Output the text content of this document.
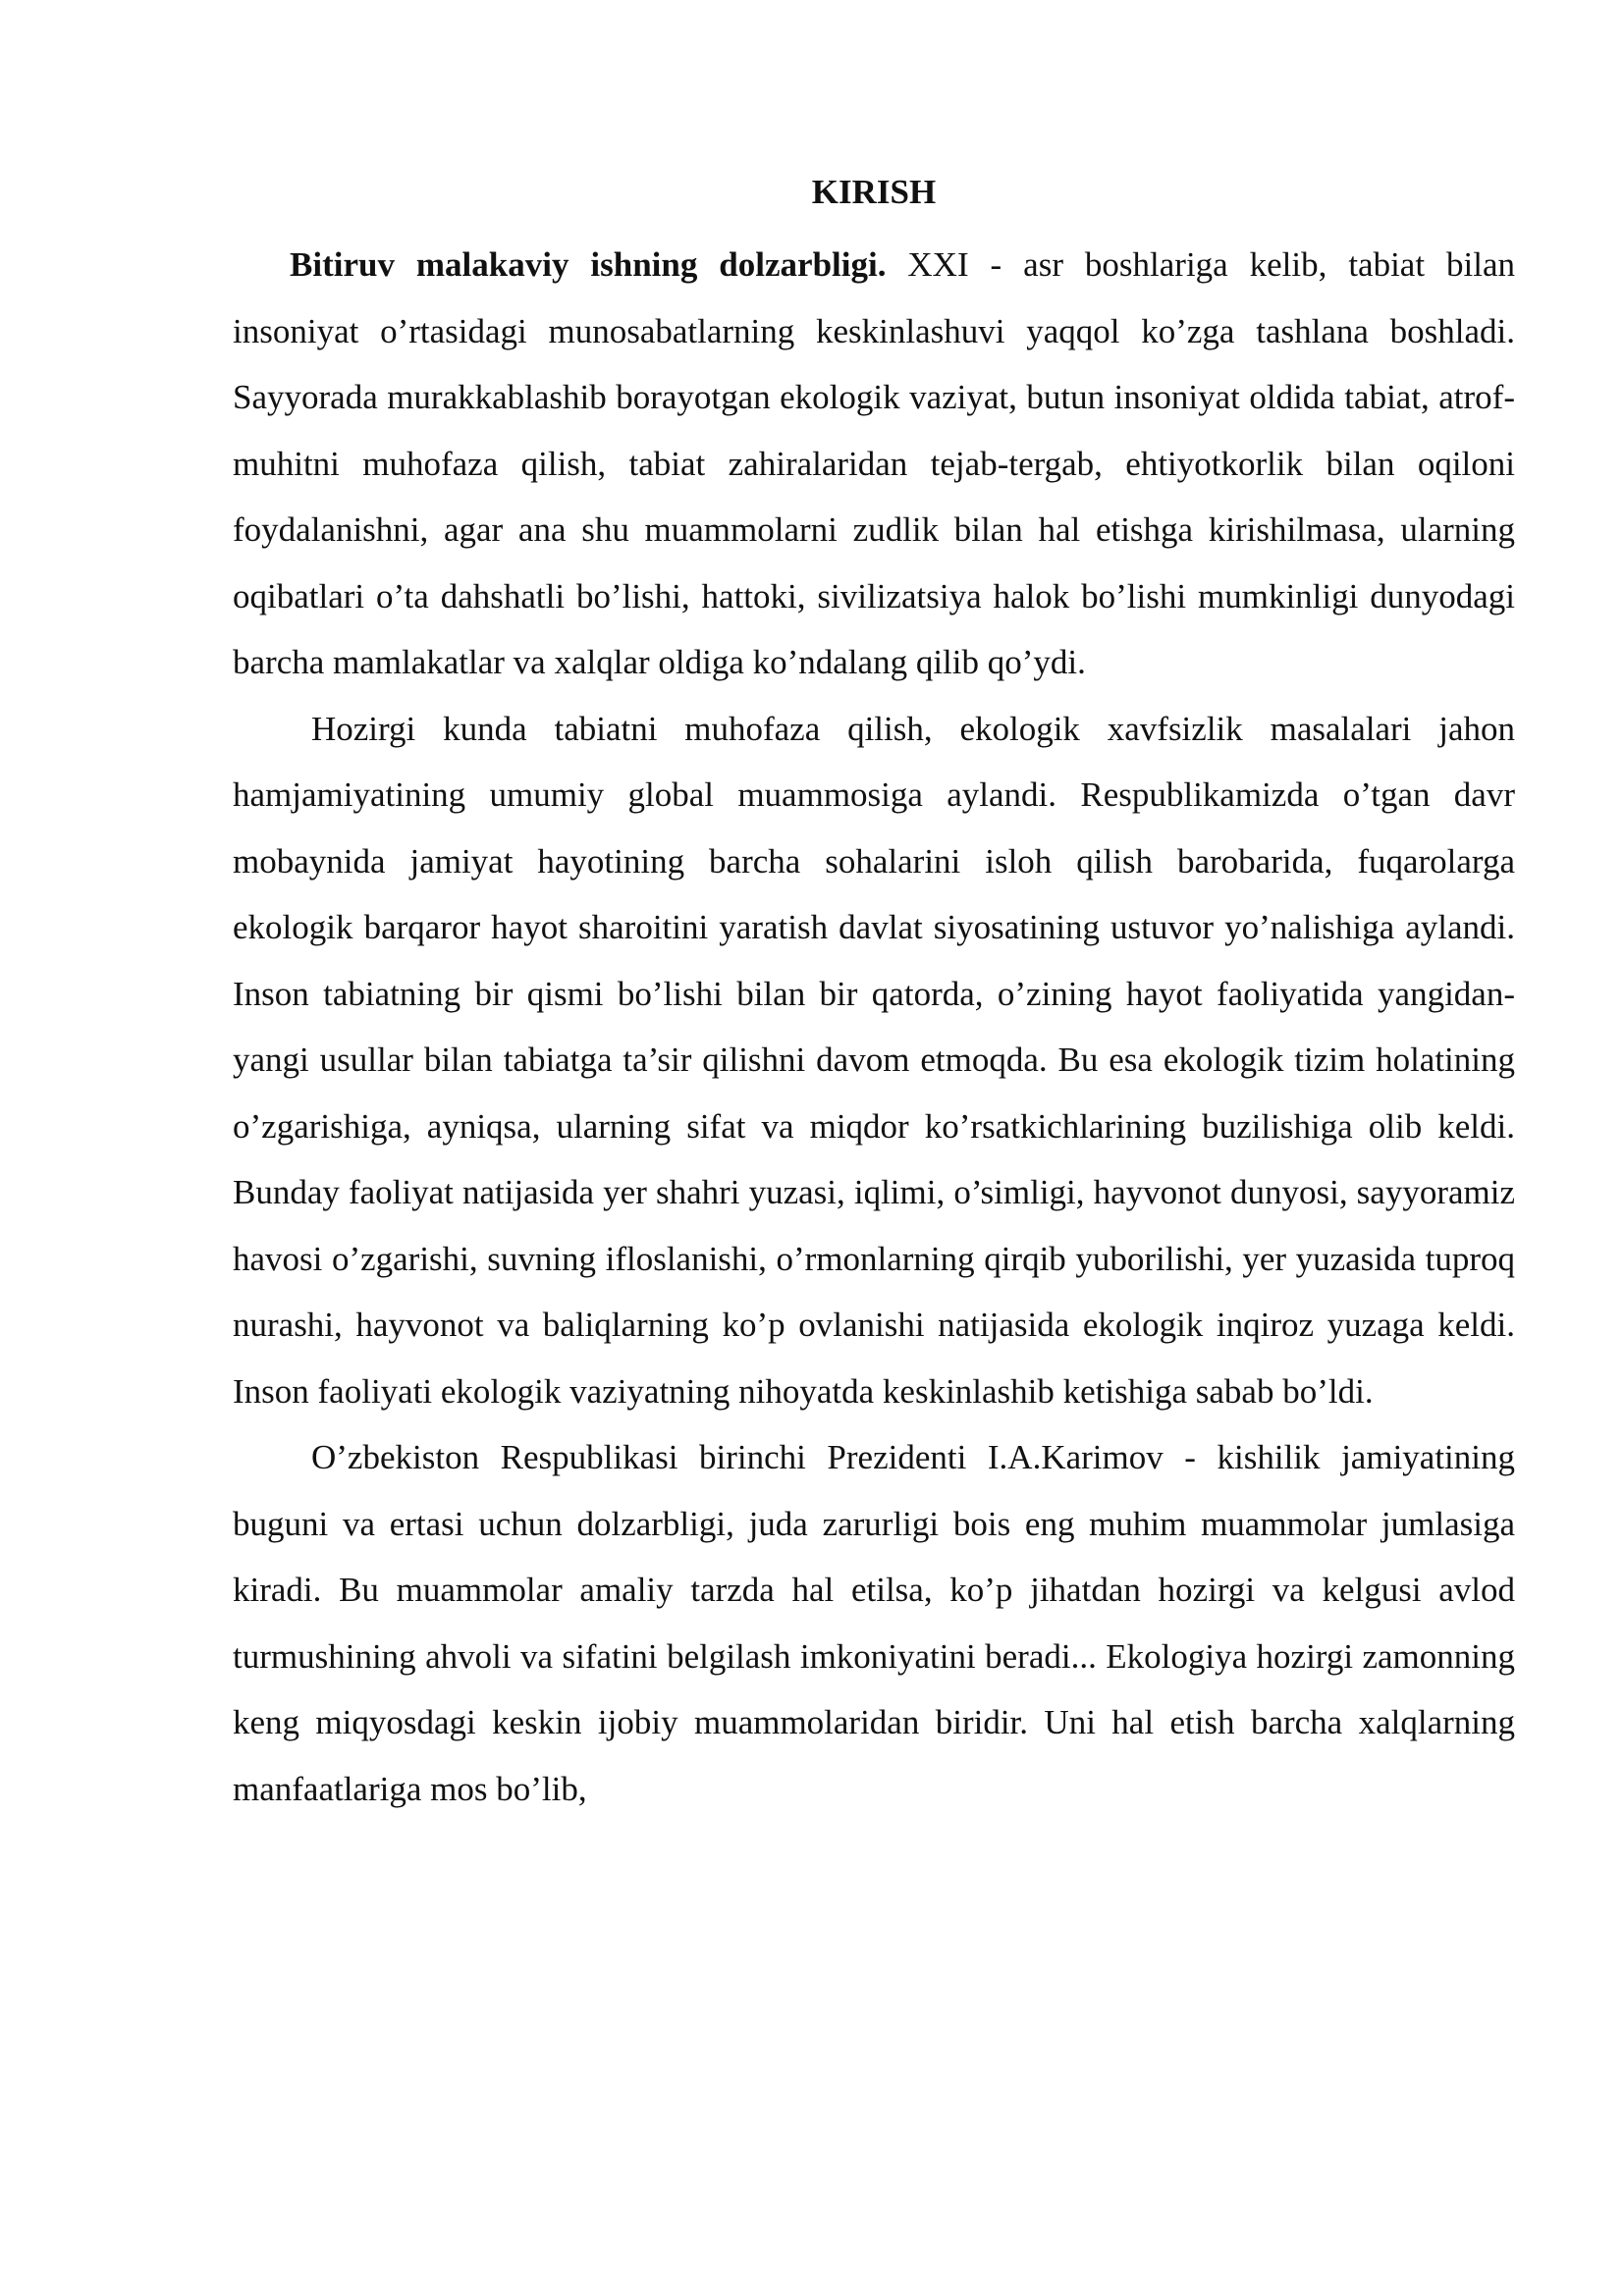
KIRISH

Bitiruv malakaviy ishning dolzarbligi. XXI - asr boshlariga kelib, tabiat bilan insoniyat o’rtasidagi munosabatlarning keskinlashuvi yaqqol ko’zga tashlana boshladi. Sayyorada murakkablashib borayotgan ekologik vaziyat, butun insoniyat oldida tabiat, atrof-muhitni muhofaza qilish, tabiat zahiralaridan tejab-tergab, ehtiyotkorlik bilan oqiloni foydalanishni, agar ana shu muammolarni zudlik bilan hal etishga kirishilmasa, ularning oqibatlari o’ta dahshatli bo’lishi, hattoki, sivilizatsiya halok bo’lishi mumkinligi dunyodagi barcha mamlakatlar va xalqlar oldiga ko’ndalang qilib qo’ydi.

Hozirgi kunda tabiatni muhofaza qilish, ekologik xavfsizlik masalalari jahon hamjamiyatining umumiy global muammosiga aylandi. Respublikamizda o’tgan davr mobaynida jamiyat hayotining barcha sohalarini isloh qilish barobarida, fuqarolarga ekologik barqaror hayot sharoitini yaratish davlat siyosatining ustuvor yo’nalishiga aylandi. Inson tabiatning bir qismi bo’lishi bilan bir qatorda, o’zining hayot faoliyatida yangidan-yangi usullar bilan tabiatga ta’sir qilishni davom etmoqda. Bu esa ekologik tizim holatining o’zgarishiga, ayniqsa, ularning sifat va miqdor ko’rsatkichlarining buzilishiga olib keldi. Bunday faoliyat natijasida yer shahri yuzasi, iqlimi, o’simligi, hayvonot dunyosi, sayyoramiz havosi o’zgarishi, suvning ifloslanishi, o’rmonlarning qirqib yuborilishi, yer yuzasida tuproq nurashi, hayvonot va baliqlarning ko’p ovlanishi natijasida ekologik inqiroz yuzaga keldi. Inson faoliyati ekologik vaziyatning nihoyatda keskinlashib ketishiga sabab bo’ldi.

O’zbekiston Respublikasi birinchi Prezidenti I.A.Karimov - kishilik jamiyatining buguni va ertasi uchun dolzarbligi, juda zarurligi bois eng muhim muammolar jumlasiga kiradi. Bu muammolar amaliy tarzda hal etilsa, ko’p jihatdan hozirgi va kelgusi avlod turmushining ahvoli va sifatini belgilash imkoniyatini beradi... Ekologiya hozirgi zamonning keng miqyosdagi keskin ijobiy muammolaridan biridir. Uni hal etish barcha xalqlarning manfaatlariga mos bo’lib,
